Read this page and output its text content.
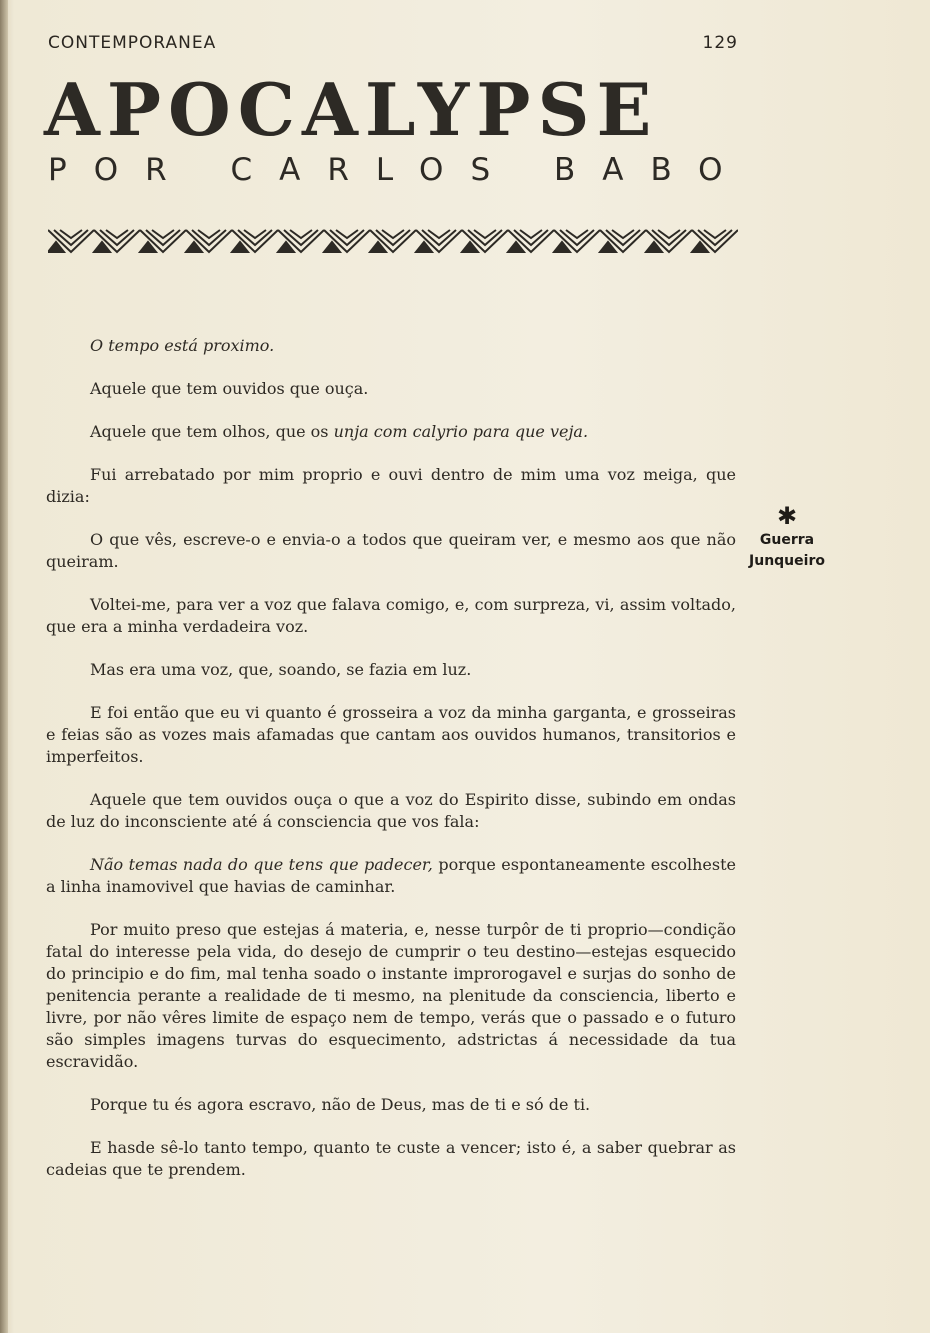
CONTEMPORANEA	129
APOCALYPSE
POR CARLOS BABO

O tempo está proximo.

Aquele que tem ouvidos que ouça.

Aquele que tem olhos, que os unja com calyrio para que veja.

Fui arrebatado por mim proprio e ouvi dentro de mim uma voz meiga, que dizia:

O que vês, escreve-o e envia-o a todos que queiram ver, e mesmo aos que não queiram.

Voltei-me, para ver a voz que falava comigo, e, com surpreza, vi, assim voltado, que era a minha verdadeira voz.

Mas era uma voz, que, soando, se fazia em luz.

E foi então que eu vi quanto é grosseira a voz da minha garganta, e grosseiras e feias são as vozes mais afamadas que cantam aos ouvidos humanos, transitorios e imperfeitos.

Aquele que tem ouvidos ouça o que a voz do Espirito disse, subindo em ondas de luz do inconsciente até á consciencia que vos fala:

Não temas nada do que tens que padecer, porque espontaneamente escolheste a linha inamovivel que havias de caminhar.

Por muito preso que estejas á materia, e, nesse turpôr de ti proprio—condição fatal do interesse pela vida, do desejo de cumprir o teu destino—estejas esquecido do principio e do fim, mal tenha soado o instante improrogavel e surjas do sonho de penitencia perante a realidade de ti mesmo, na plenitude da consciencia, liberto e livre, por não vêres limite de espaço nem de tempo, verás que o passado e o futuro são simples imagens turvas do esquecimento, adstrictas á necessidade da tua escravidão.

Porque tu és agora escravo, não de Deus, mas de ti e só de ti.

E hasde sê-lo tanto tempo, quanto te custe a vencer; isto é, a saber quebrar as cadeias que te prendem.

✱
Guerra
Junqueiro
